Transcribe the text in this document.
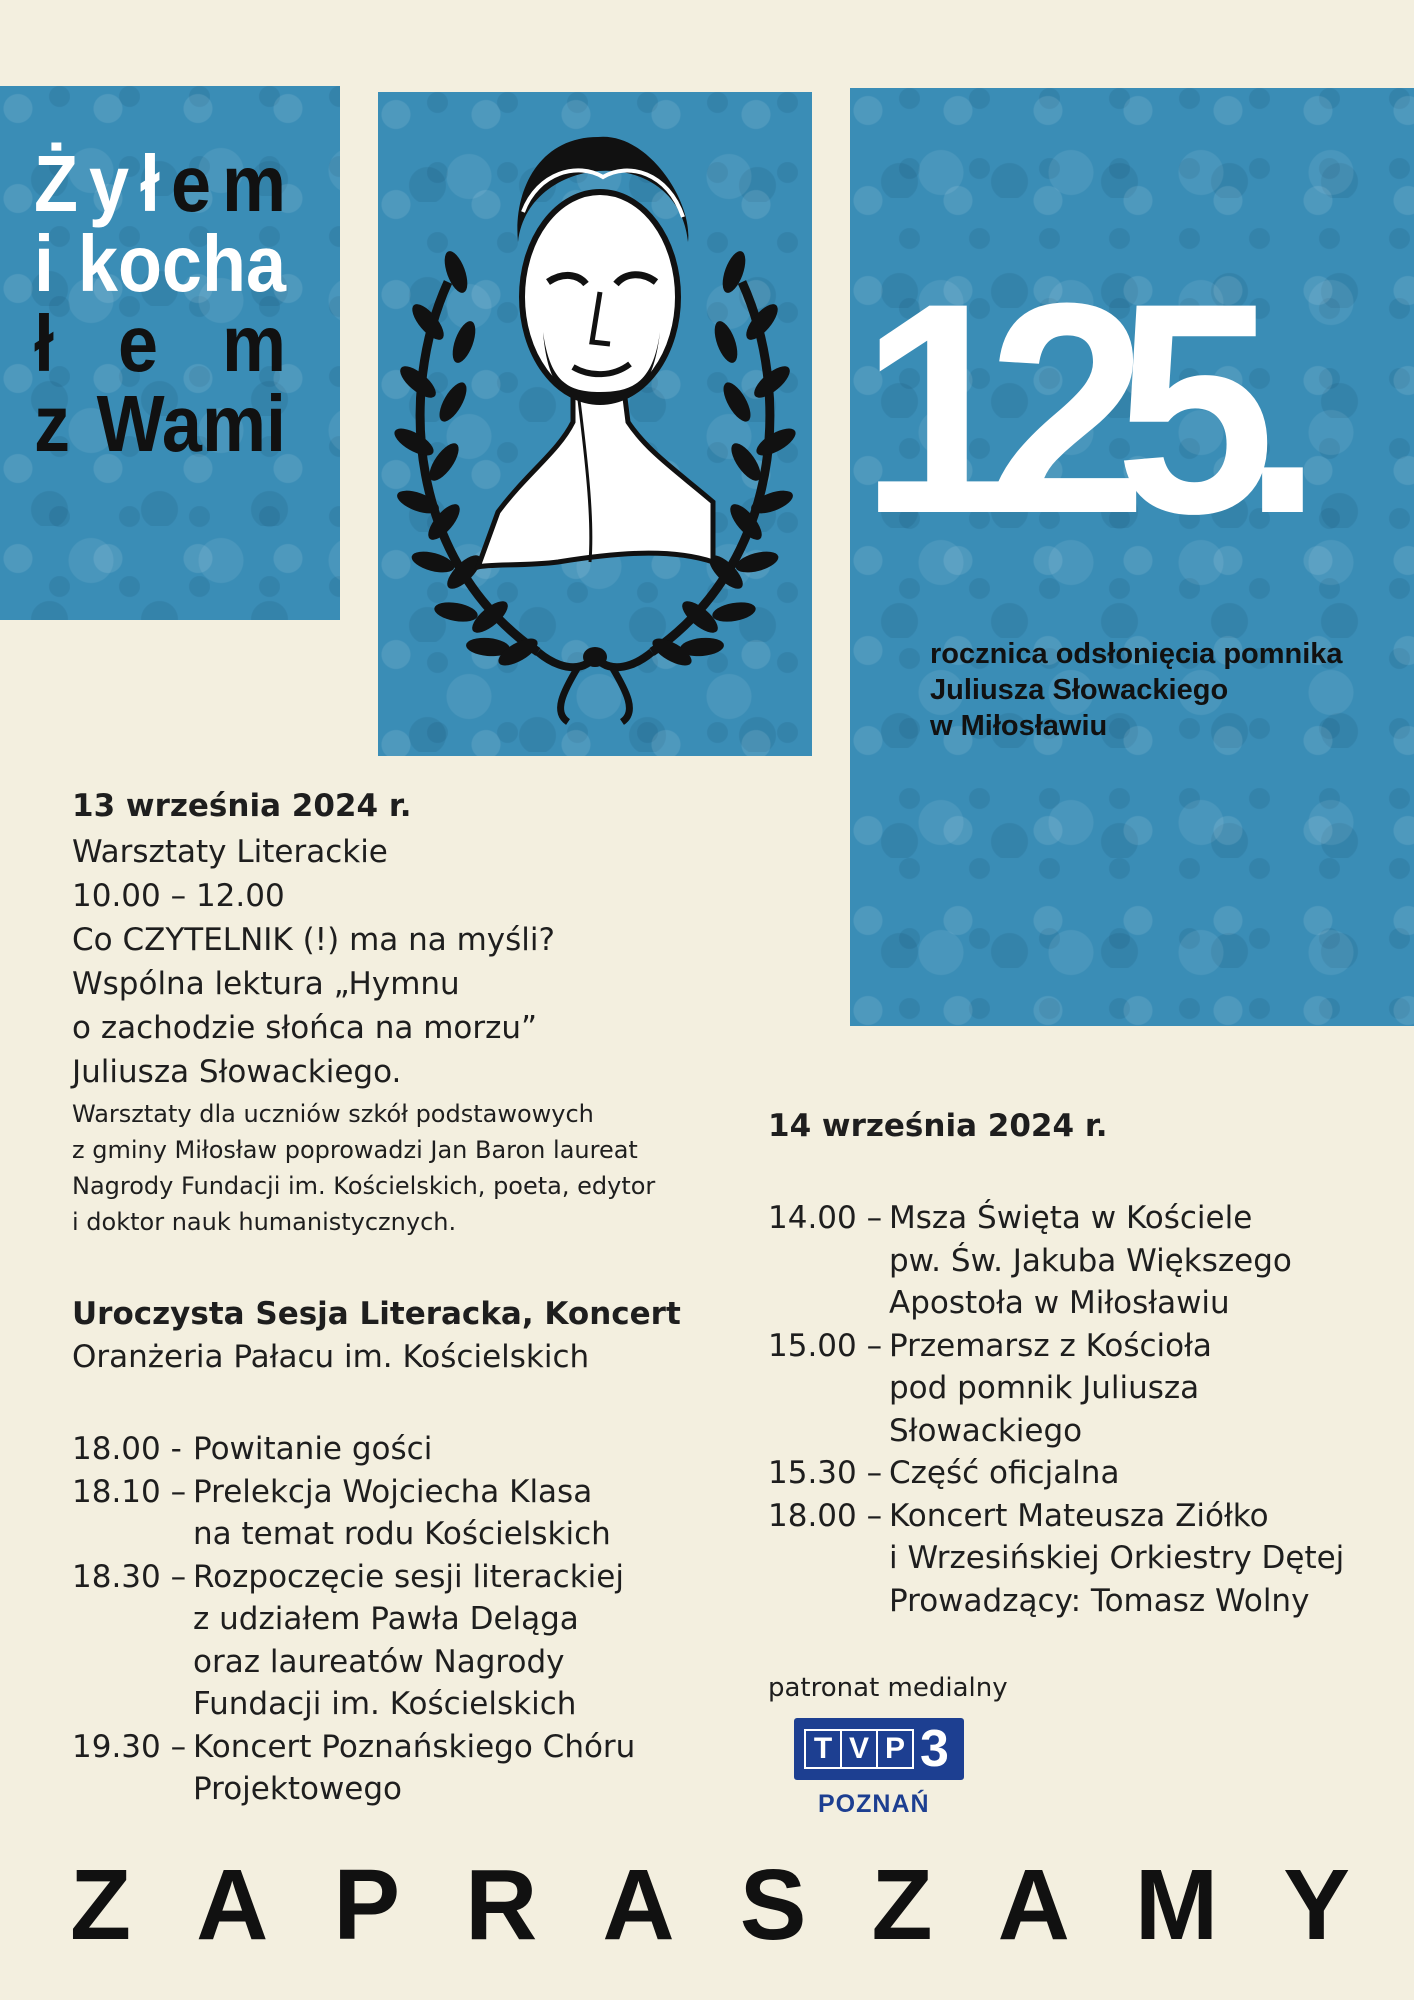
Ż y ł e m
i kocha
ł e m
z Wami 125.
rocznica odsłonięcia pomnika
Juliusza Słowackiego
w Miłosławiu
13 września 2024 r.
Warsztaty Literackie
10.00 – 12.00
Co CZYTELNIK (!) ma na myśli?
Wspólna lektura „Hymnu
o zachodzie słońca na morzu”
Juliusza Słowackiego.
Warsztaty dla uczniów szkół podstawowych
z gminy Miłosław poprowadzi Jan Baron laureat
Nagrody Fundacji im. Kościelskich, poeta, edytor
i doktor nauk humanistycznych.
Uroczysta Sesja Literacka, Koncert
Oranżeria Pałacu im. Kościelskich
18.00 - Powitanie gości
18.10 – Prelekcja Wojciecha Klasa
na temat rodu Kościelskich
18.30 – Rozpoczęcie sesji literackiej
z udziałem Pawła Deląga
oraz laureatów Nagrody
Fundacji im. Kościelskich
19.30 – Koncert Poznańskiego Chóru
Projektowego
14 września 2024 r.
14.00 – Msza Święta w Kościele
pw. Św. Jakuba Większego
Apostoła w Miłosławiu
15.00 – Przemarsz z Kościoła
pod pomnik Juliusza
Słowackiego
15.30 – Część oficjalna
18.00 – Koncert Mateusza Ziółko
i Wrzesińskiej Orkiestry Dętej
Prowadzący: Tomasz Wolny
patronat medialny
T V P 3
POZNAŃ
Z A P R A S Z A M Y
